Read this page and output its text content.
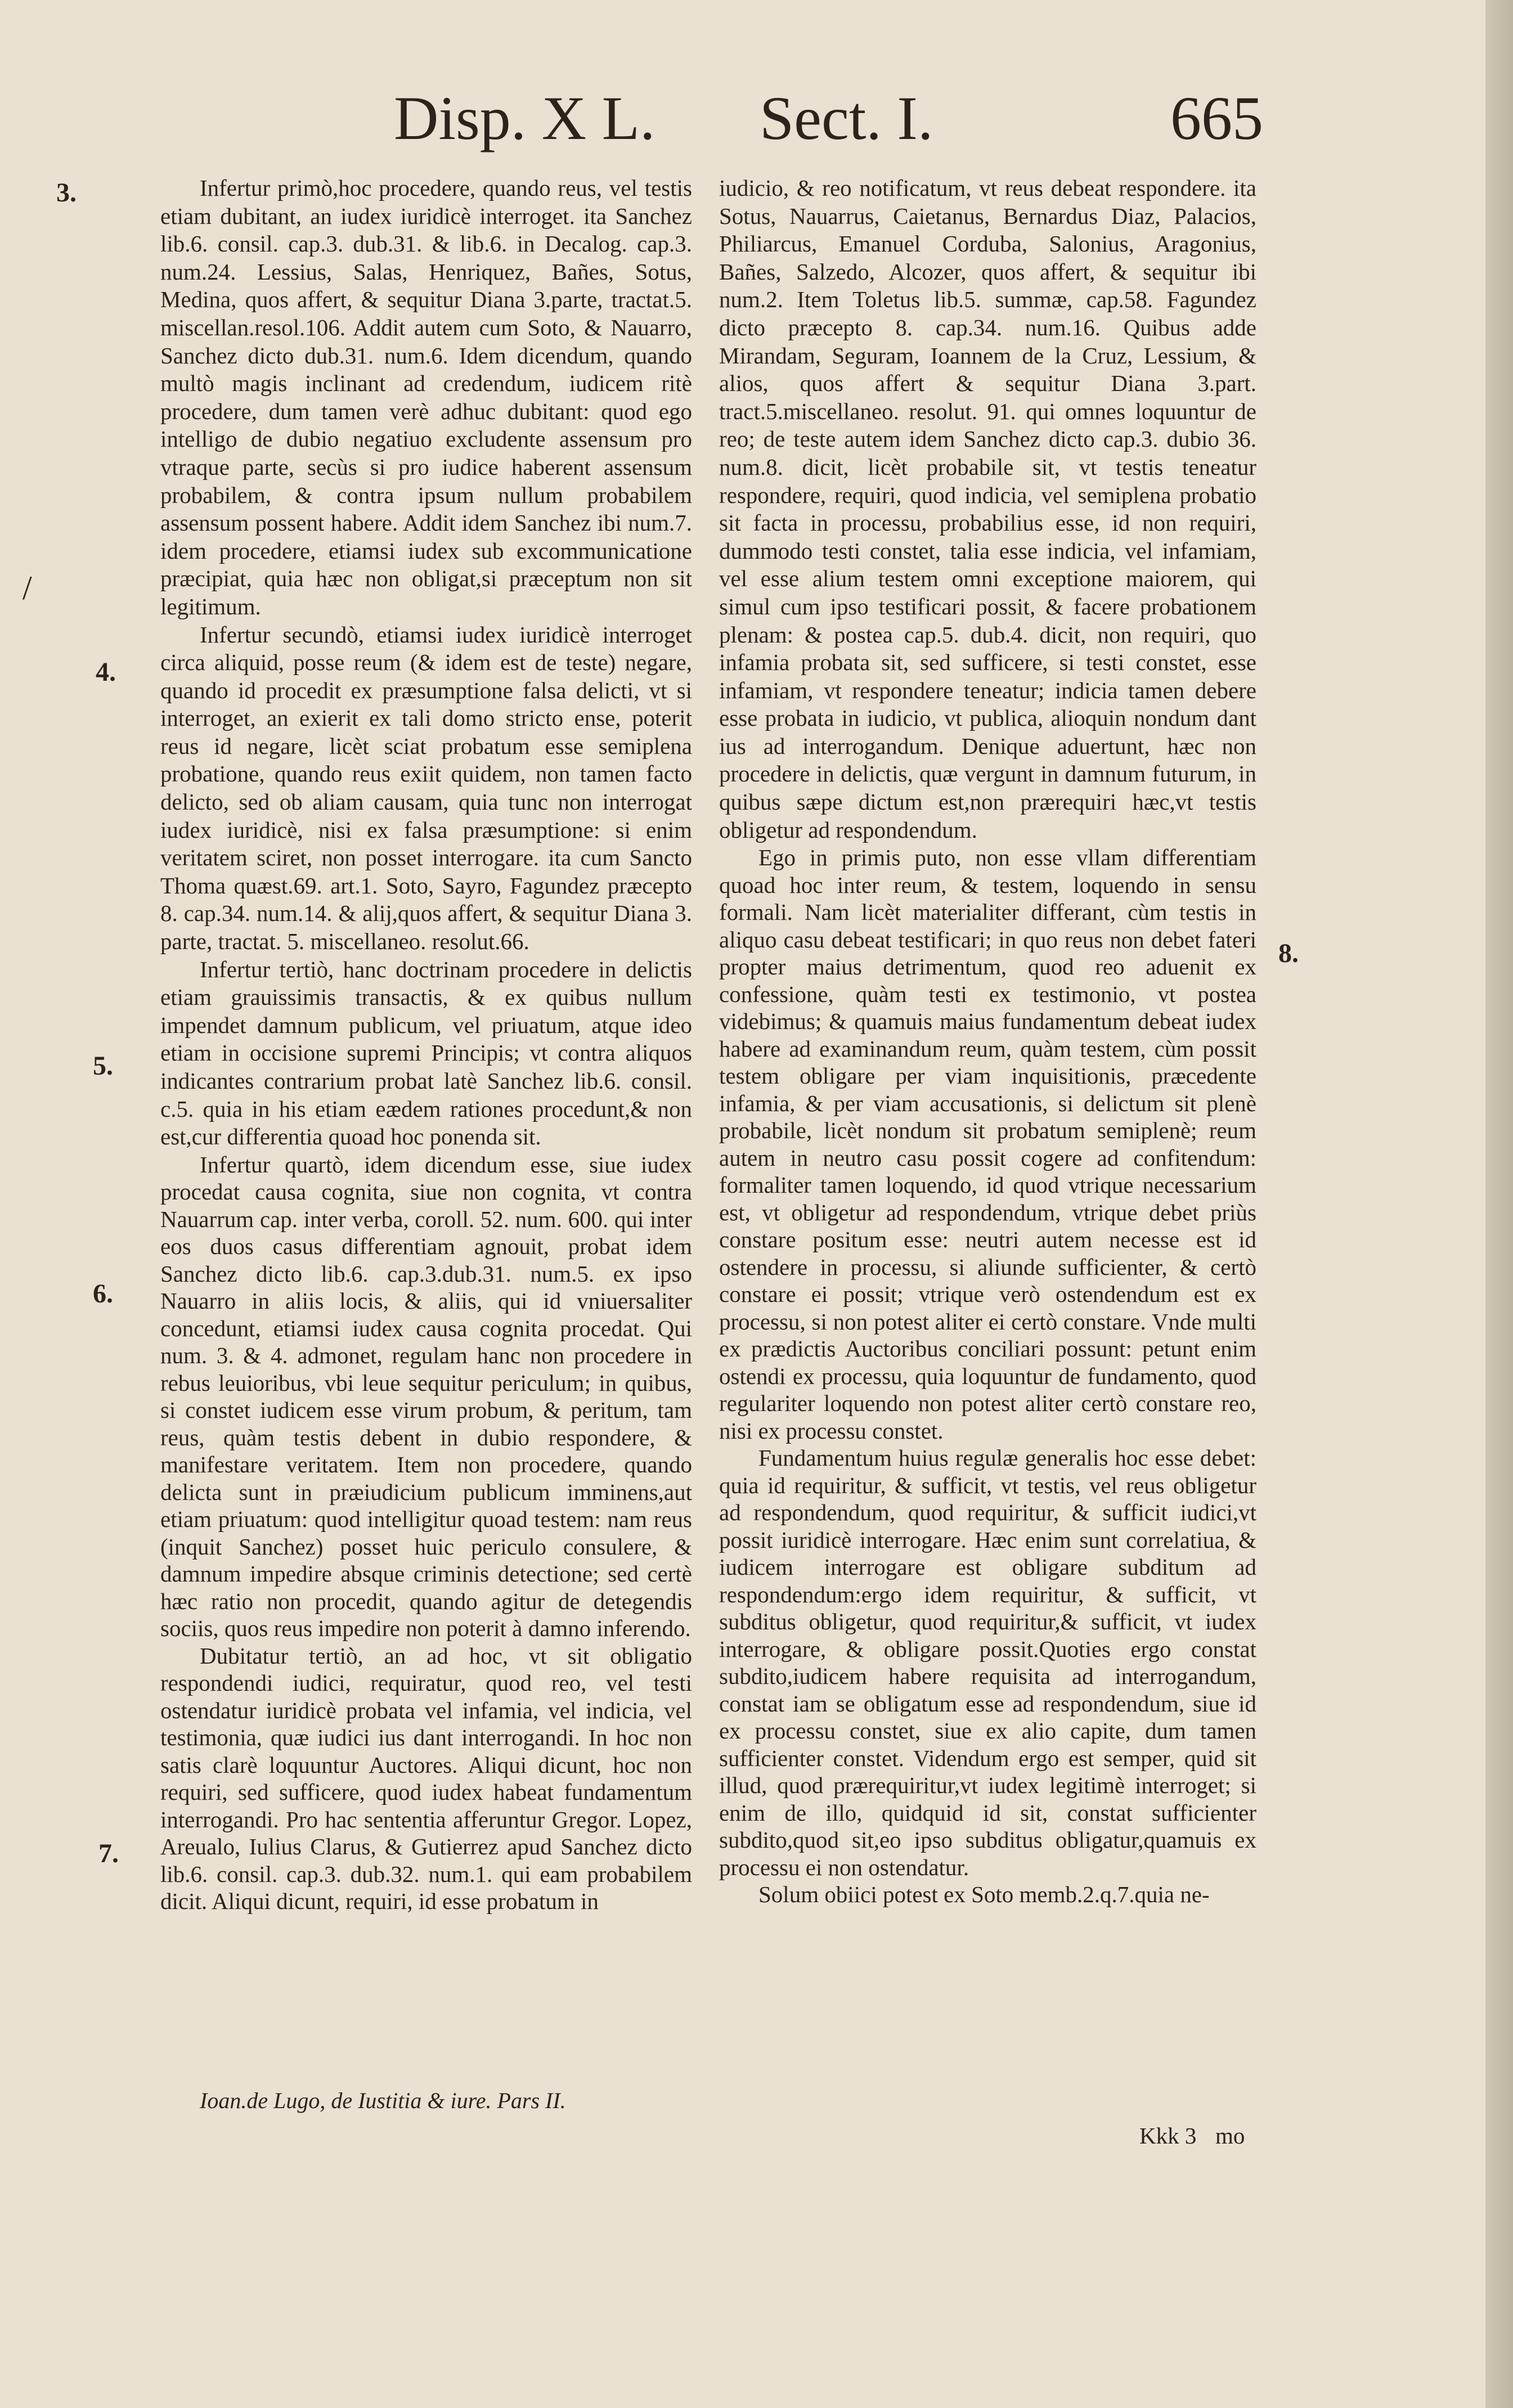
Disp. X L. Sect. I.	665
3.
4.
5.
6.
7.
8.
/

Infertur primò,hoc procedere, quando reus, vel testis etiam dubitant, an iudex iuridicè interroget. ita Sanchez lib.6. consil. cap.3. dub.31. & lib.6. in Decalog. cap.3. num.24. Lessius, Salas, Henriquez, Bañes, Sotus, Medina, quos affert, & sequitur Diana 3.parte, tractat.5. miscellan.resol.106. Addit autem cum Soto, & Nauarro, Sanchez dicto dub.31. num.6. Idem dicendum, quando multò magis inclinant ad credendum, iudicem ritè procedere, dum tamen verè adhuc dubitant: quod ego intelligo de dubio negatiuo excludente assensum pro vtraque parte, secùs si pro iudice haberent assensum probabilem, & contra ipsum nullum probabilem assensum possent habere. Addit idem Sanchez ibi num.7. idem procedere, etiamsi iudex sub excommunicatione præcipiat, quia hæc non obligat,si præceptum non sit legitimum.

Infertur secundò, etiamsi iudex iuridicè interroget circa aliquid, posse reum (& idem est de teste) negare, quando id procedit ex præsumptione falsa delicti, vt si interroget, an exierit ex tali domo stricto ense, poterit reus id negare, licèt sciat probatum esse semiplena probatione, quando reus exiit quidem, non tamen facto delicto, sed ob aliam causam, quia tunc non interrogat iudex iuridicè, nisi ex falsa præsumptione: si enim veritatem sciret, non posset interrogare. ita cum Sancto Thoma quæst.69. art.1. Soto, Sayro, Fagundez præcepto 8. cap.34. num.14. & alij,quos affert, & sequitur Diana 3. parte, tractat. 5. miscellaneo. resolut.66.

Infertur tertiò, hanc doctrinam procedere in delictis etiam grauissimis transactis, & ex quibus nullum impendet damnum publicum, vel priuatum, atque ideo etiam in occisione supremi Principis; vt contra aliquos indicantes contrarium probat latè Sanchez lib.6. consil. c.5. quia in his etiam eædem rationes procedunt,& non est,cur differentia quoad hoc ponenda sit.

Infertur quartò, idem dicendum esse, siue iudex procedat causa cognita, siue non cognita, vt contra Nauarrum cap. inter verba, coroll. 52. num. 600. qui inter eos duos casus differentiam agnouit, probat idem Sanchez dicto lib.6. cap.3.dub.31. num.5. ex ipso Nauarro in aliis locis, & aliis, qui id vniuersaliter concedunt, etiamsi iudex causa cognita procedat. Qui num. 3. & 4. admonet, regulam hanc non procedere in rebus leuioribus, vbi leue sequitur periculum; in quibus, si constet iudicem esse virum probum, & peritum, tam reus, quàm testis debent in dubio respondere, & manifestare veritatem. Item non procedere, quando delicta sunt in præiudicium publicum imminens,aut etiam priuatum: quod intelligitur quoad testem: nam reus (inquit Sanchez) posset huic periculo consulere, & damnum impedire absque criminis detectione; sed certè hæc ratio non procedit, quando agitur de detegendis sociis, quos reus impedire non poterit à damno inferendo.

Dubitatur tertiò, an ad hoc, vt sit obligatio respondendi iudici, requiratur, quod reo, vel testi ostendatur iuridicè probata vel infamia, vel indicia, vel testimonia, quæ iudici ius dant interrogandi. In hoc non satis clarè loquuntur Auctores. Aliqui dicunt, hoc non requiri, sed sufficere, quod iudex habeat fundamentum interrogandi. Pro hac sententia afferuntur Gregor. Lopez, Areualo, Iulius Clarus, & Gutierrez apud Sanchez dicto lib.6. consil. cap.3. dub.32. num.1. qui eam probabilem dicit. Aliqui dicunt, requiri, id esse probatum in

iudicio, & reo notificatum, vt reus debeat respondere. ita Sotus, Nauarrus, Caietanus, Bernardus Diaz, Palacios, Philiarcus, Emanuel Corduba, Salonius, Aragonius, Bañes, Salzedo, Alcozer, quos affert, & sequitur ibi num.2. Item Toletus lib.5. summæ, cap.58. Fagundez dicto præcepto 8. cap.34. num.16. Quibus adde Mirandam, Seguram, Ioannem de la Cruz, Lessium, & alios, quos affert & sequitur Diana 3.part. tract.5.miscellaneo. resolut. 91. qui omnes loquuntur de reo; de teste autem idem Sanchez dicto cap.3. dubio 36. num.8. dicit, licèt probabile sit, vt testis teneatur respondere, requiri, quod indicia, vel semiplena probatio sit facta in processu, probabilius esse, id non requiri, dummodo testi constet, talia esse indicia, vel infamiam, vel esse alium testem omni exceptione maiorem, qui simul cum ipso testificari possit, & facere probationem plenam: & postea cap.5. dub.4. dicit, non requiri, quo infamia probata sit, sed sufficere, si testi constet, esse infamiam, vt respondere teneatur; indicia tamen debere esse probata in iudicio, vt publica, alioquin nondum dant ius ad interrogandum. Denique aduertunt, hæc non procedere in delictis, quæ vergunt in damnum futurum, in quibus sæpe dictum est,non prærequiri hæc,vt testis obligetur ad respondendum.

Ego in primis puto, non esse vllam differentiam quoad hoc inter reum, & testem, loquendo in sensu formali. Nam licèt materialiter differant, cùm testis in aliquo casu debeat testificari; in quo reus non debet fateri propter maius detrimentum, quod reo aduenit ex confessione, quàm testi ex testimonio, vt postea videbimus; & quamuis maius fundamentum debeat iudex habere ad examinandum reum, quàm testem, cùm possit testem obligare per viam inquisitionis, præcedente infamia, & per viam accusationis, si delictum sit plenè probabile, licèt nondum sit probatum semiplenè; reum autem in neutro casu possit cogere ad confitendum: formaliter tamen loquendo, id quod vtrique necessarium est, vt obligetur ad respondendum, vtrique debet priùs constare positum esse: neutri autem necesse est id ostendere in processu, si aliunde sufficienter, & certò constare ei possit; vtrique verò ostendendum est ex processu, si non potest aliter ei certò constare. Vnde multi ex prædictis Auctoribus conciliari possunt: petunt enim ostendi ex processu, quia loquuntur de fundamento, quod regulariter loquendo non potest aliter certò constare reo, nisi ex processu constet.

Fundamentum huius regulæ generalis hoc esse debet: quia id requiritur, & sufficit, vt testis, vel reus obligetur ad respondendum, quod requiritur, & sufficit iudici,vt possit iuridicè interrogare. Hæc enim sunt correlatiua, & iudicem interrogare est obligare subditum ad respondendum:ergo idem requiritur, & sufficit, vt subditus obligetur, quod requiritur,& sufficit, vt iudex interrogare, & obligare possit.Quoties ergo constat subdito,iudicem habere requisita ad interrogandum, constat iam se obligatum esse ad respondendum, siue id ex processu constet, siue ex alio capite, dum tamen sufficienter constet. Videndum ergo est semper, quid sit illud, quod prærequiritur,vt iudex legitimè interroget; si enim de illo, quidquid id sit, constat sufficienter subdito,quod sit,eo ipso subditus obligatur,quamuis ex processu ei non ostendatur.

Solum obiici potest ex Soto memb.2.q.7.quia ne-

Ioan.de Lugo, de Iustitia & iure. Pars II.
Kkk 3 mo
